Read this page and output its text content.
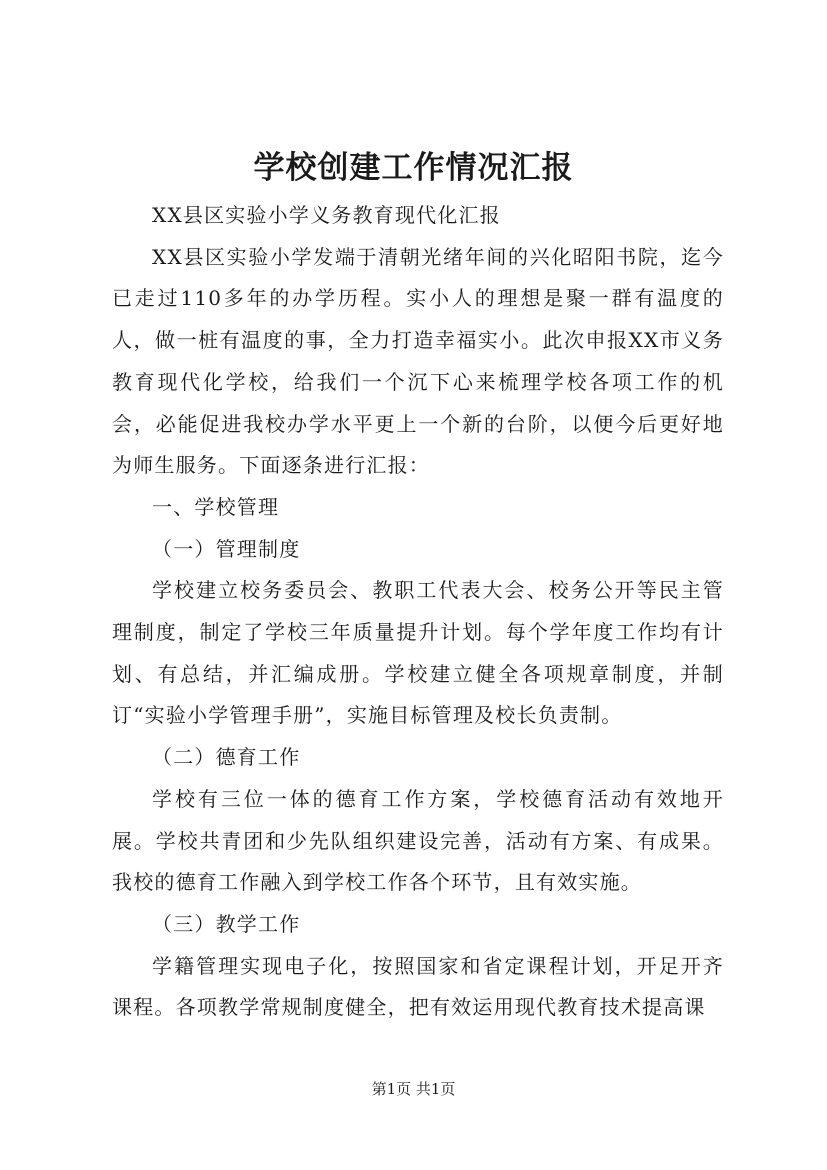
学校创建工作情况汇报

XX县区实验小学义务教育现代化汇报

XX县区实验小学发端于清朝光绪年间的兴化昭阳书院，迄今已走过110多年的办学历程。实小人的理想是聚一群有温度的人，做一桩有温度的事，全力打造幸福实小。此次申报XX市义务教育现代化学校，给我们一个沉下心来梳理学校各项工作的机会，必能促进我校办学水平更上一个新的台阶，以便今后更好地为师生服务。下面逐条进行汇报：

一、学校管理

（一）管理制度

学校建立校务委员会、教职工代表大会、校务公开等民主管理制度，制定了学校三年质量提升计划。每个学年度工作均有计划、有总结，并汇编成册。学校建立健全各项规章制度，并制订“实验小学管理手册”，实施目标管理及校长负责制。

（二）德育工作

学校有三位一体的德育工作方案，学校德育活动有效地开展。学校共青团和少先队组织建设完善，活动有方案、有成果。我校的德育工作融入到学校工作各个环节，且有效实施。

（三）教学工作

学籍管理实现电子化，按照国家和省定课程计划，开足开齐课程。各项教学常规制度健全，把有效运用现代教育技术提高课

第1页 共1页
